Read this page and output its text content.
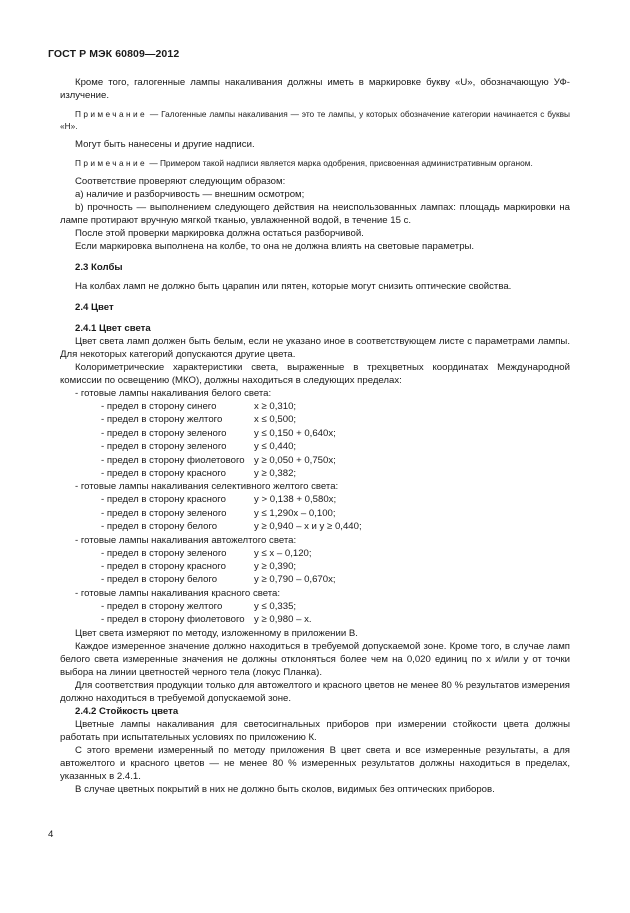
ГОСТ Р МЭК 60809—2012

Кроме того, галогенные лампы накаливания должны иметь в маркировке букву «U», обозначающую УФ-излучение.

Примечание — Галогенные лампы накаливания — это те лампы, у которых обозначение категории начинается с буквы «Н».

Могут быть нанесены и другие надписи.

Примечание — Примером такой надписи является марка одобрения, присвоенная административным органом.

Соответствие проверяют следующим образом:

а) наличие и разборчивость — внешним осмотром;

b) прочность — выполнением следующего действия на неиспользованных лампах: площадь маркировки на лампе протирают вручную мягкой тканью, увлажненной водой, в течение 15 с.

После этой проверки маркировка должна остаться разборчивой.

Если маркировка выполнена на колбе, то она не должна влиять на световые параметры.

2.3 Колбы

На колбах ламп не должно быть царапин или пятен, которые могут снизить оптические свойства.

2.4 Цвет

2.4.1 Цвет света

Цвет света ламп должен быть белым, если не указано иное в соответствующем листе с параметрами лампы. Для некоторых категорий допускаются другие цвета.

Колориметрические характеристики света, выраженные в трехцветных координатах Международной комиссии по освещению (МКО), должны находиться в следующих пределах:

- готовые лампы накаливания белого света:

- предел в сторону синего	x ≥ 0,310;
- предел в сторону желтого	x ≤ 0,500;
- предел в сторону зеленого	y ≤ 0,150 + 0,640x;
- предел в сторону зеленого	y ≤ 0,440;
- предел в сторону фиолетового y ≥ 0,050 + 0,750x;
- предел в сторону красного	y ≥ 0,382;

- готовые лампы накаливания селективного желтого света:

- предел в сторону красного	y > 0,138 + 0,580x;
- предел в сторону зеленого	y ≤ 1,290x – 0,100;
- предел в сторону белого	y ≥ 0,940 – x и y ≥ 0,440;

- готовые лампы накаливания автожелтого света:

- предел в сторону зеленого	y ≤ x – 0,120;
- предел в сторону красного	y ≥ 0,390;
- предел в сторону белого	y ≥ 0,790 – 0,670x;

- готовые лампы накаливания красного света:

- предел в сторону желтого	y ≤ 0,335;
- предел в сторону фиолетового y ≥ 0,980 – x.

Цвет света измеряют по методу, изложенному в приложении В.

Каждое измеренное значение должно находиться в требуемой допускаемой зоне. Кроме того, в случае ламп белого света измеренные значения не должны отклоняться более чем на 0,020 единиц по x и/или y от точки выбора на линии цветностей черного тела (локус Планка).

Для соответствия продукции только для автожелтого и красного цветов не менее 80 % результатов измерения должно находиться в требуемой допускаемой зоне.

2.4.2 Стойкость цвета

Цветные лампы накаливания для светосигнальных приборов при измерении стойкости цвета должны работать при испытательных условиях по приложению К.

С этого времени измеренный по методу приложения В цвет света и все измеренные результаты, а для автожелтого и красного цветов — не менее 80 % измеренных результатов должны находиться в пределах, указанных в 2.4.1.

В случае цветных покрытий в них не должно быть сколов, видимых без оптических приборов.

4
